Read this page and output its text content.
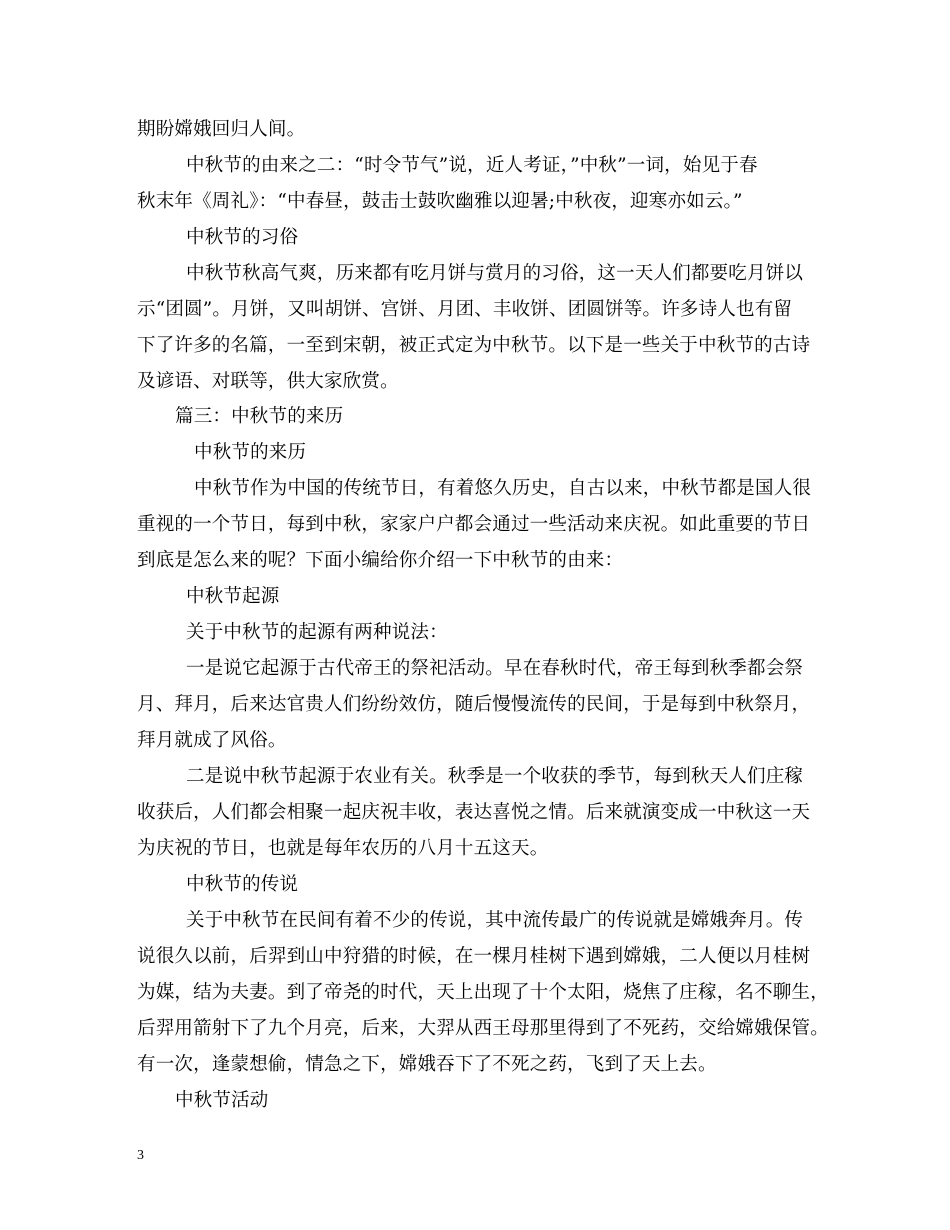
期盼嫦娥回归人间。
中秋节的由来之二：“时令节气”说，近人考证，”中秋”一词，始见于春
秋末年《周礼》：“中春昼，鼓击士鼓吹幽雅以迎暑;中秋夜，迎寒亦如云。”
中秋节的习俗
中秋节秋高气爽，历来都有吃月饼与赏月的习俗，这一天人们都要吃月饼以
示“团圆”。月饼，又叫胡饼、宫饼、月团、丰收饼、团圆饼等。许多诗人也有留
下了许多的名篇，一至到宋朝，被正式定为中秋节。以下是一些关于中秋节的古诗
及谚语、对联等，供大家欣赏。
篇三：中秋节的来历
中秋节的来历
中秋节作为中国的传统节日，有着悠久历史，自古以来，中秋节都是国人很
重视的一个节日，每到中秋，家家户户都会通过一些活动来庆祝。如此重要的节日
到底是怎么来的呢？下面小编给你介绍一下中秋节的由来：
中秋节起源
关于中秋节的起源有两种说法：
一是说它起源于古代帝王的祭祀活动。早在春秋时代，帝王每到秋季都会祭
月、拜月，后来达官贵人们纷纷效仿，随后慢慢流传的民间，于是每到中秋祭月，
拜月就成了风俗。
二是说中秋节起源于农业有关。秋季是一个收获的季节，每到秋天人们庄稼
收获后，人们都会相聚一起庆祝丰收，表达喜悦之情。后来就演变成一中秋这一天
为庆祝的节日，也就是每年农历的八月十五这天。
中秋节的传说
关于中秋节在民间有着不少的传说，其中流传最广的传说就是嫦娥奔月。传
说很久以前，后羿到山中狩猎的时候，在一棵月桂树下遇到嫦娥，二人便以月桂树
为媒，结为夫妻。到了帝尧的时代，天上出现了十个太阳，烧焦了庄稼，名不聊生，
后羿用箭射下了九个月亮，后来，大羿从西王母那里得到了不死药，交给嫦娥保管。
有一次，逢蒙想偷，情急之下，嫦娥吞下了不死之药，飞到了天上去。
中秋节活动
3
